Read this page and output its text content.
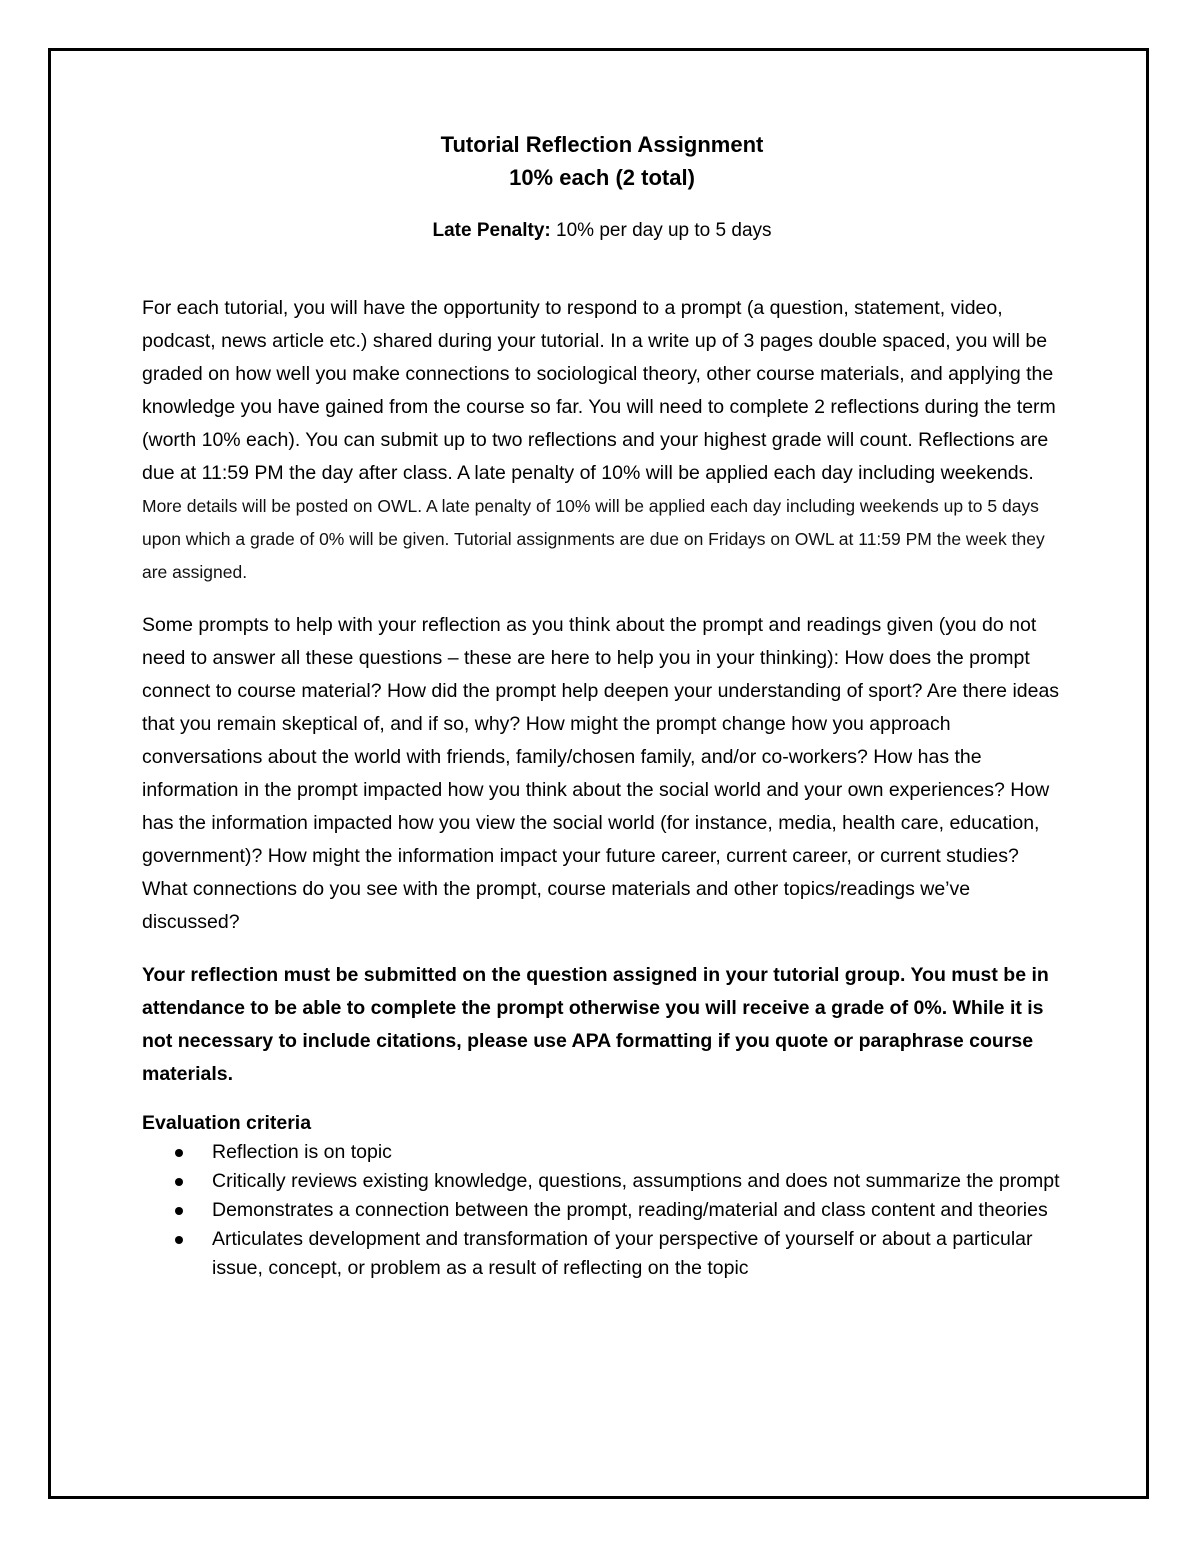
Tutorial Reflection Assignment
10% each (2 total)

Late Penalty: 10% per day up to 5 days

For each tutorial, you will have the opportunity to respond to a prompt (a question, statement, video, podcast, news article etc.) shared during your tutorial. In a write up of 3 pages double spaced, you will be graded on how well you make connections to sociological theory, other course materials, and applying the knowledge you have gained from the course so far. You will need to complete 2 reflections during the term (worth 10% each). You can submit up to two reflections and your highest grade will count. Reflections are due at 11:59 PM the day after class. A late penalty of 10% will be applied each day including weekends. More details will be posted on OWL. A late penalty of 10% will be applied each day including weekends up to 5 days upon which a grade of 0% will be given. Tutorial assignments are due on Fridays on OWL at 11:59 PM the week they are assigned.

Some prompts to help with your reflection as you think about the prompt and readings given (you do not need to answer all these questions – these are here to help you in your thinking): How does the prompt connect to course material? How did the prompt help deepen your understanding of sport? Are there ideas that you remain skeptical of, and if so, why? How might the prompt change how you approach conversations about the world with friends, family/chosen family, and/or co-workers? How has the information in the prompt impacted how you think about the social world and your own experiences? How has the information impacted how you view the social world (for instance, media, health care, education, government)? How might the information impact your future career, current career, or current studies? What connections do you see with the prompt, course materials and other topics/readings we’ve discussed?

Your reflection must be submitted on the question assigned in your tutorial group. You must be in attendance to be able to complete the prompt otherwise you will receive a grade of 0%. While it is not necessary to include citations, please use APA formatting if you quote or paraphrase course materials.

Evaluation criteria

Reflection is on topic
Critically reviews existing knowledge, questions, assumptions and does not summarize the prompt
Demonstrates a connection between the prompt, reading/material and class content and theories
Articulates development and transformation of your perspective of yourself or about a particular issue, concept, or problem as a result of reflecting on the topic
